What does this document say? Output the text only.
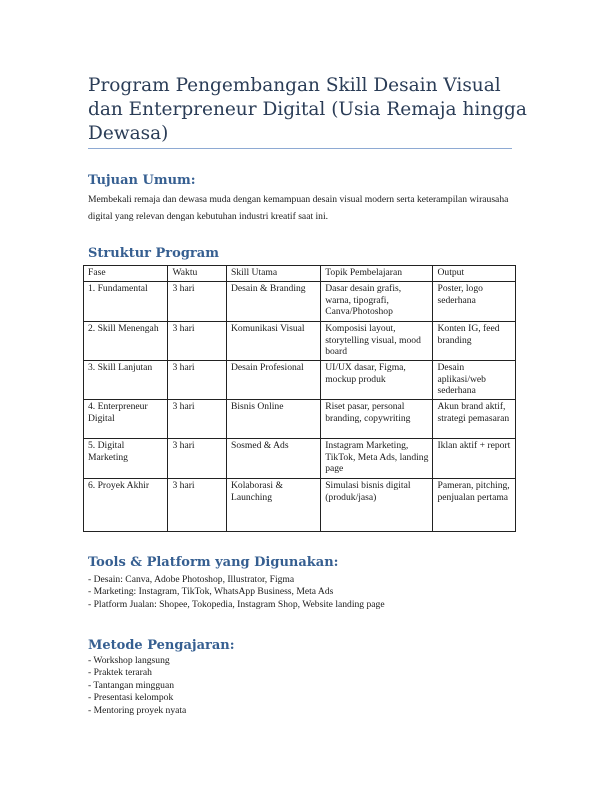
Program Pengembangan Skill Desain Visual dan Enterpreneur Digital (Usia Remaja hingga Dewasa)
Tujuan Umum:

Membekali remaja dan dewasa muda dengan kemampuan desain visual modern serta keterampilan wirausaha digital yang relevan dengan kebutuhan industri kreatif saat ini.

Struktur Program
Fase	Waktu	Skill Utama	Topik Pembelajaran	Output
1. Fundamental	3 hari	Desain & Branding	Dasar desain grafis, warna, tipografi, Canva/Photoshop	Poster, logo sederhana
2. Skill Menengah	3 hari	Komunikasi Visual	Komposisi layout, storytelling visual, mood board	Konten IG, feed branding
3. Skill Lanjutan	3 hari	Desain Profesional	UI/UX dasar, Figma, mockup produk	Desain aplikasi/web sederhana
4. Enterpreneur Digital	3 hari	Bisnis Online	Riset pasar, personal branding, copywriting	Akun brand aktif, strategi pemasaran
5. Digital Marketing	3 hari	Sosmed & Ads	Instagram Marketing, TikTok, Meta Ads, landing page	Iklan aktif + report
6. Proyek Akhir	3 hari	Kolaborasi & Launching	Simulasi bisnis digital (produk/jasa)	Pameran, pitching, penjualan pertama
Tools & Platform yang Digunakan:
- Desain: Canva, Adobe Photoshop, Illustrator, Figma
- Marketing: Instagram, TikTok, WhatsApp Business, Meta Ads
- Platform Jualan: Shopee, Tokopedia, Instagram Shop, Website landing page
Metode Pengajaran:
- Workshop langsung
- Praktek terarah
- Tantangan mingguan
- Presentasi kelompok
- Mentoring proyek nyata
